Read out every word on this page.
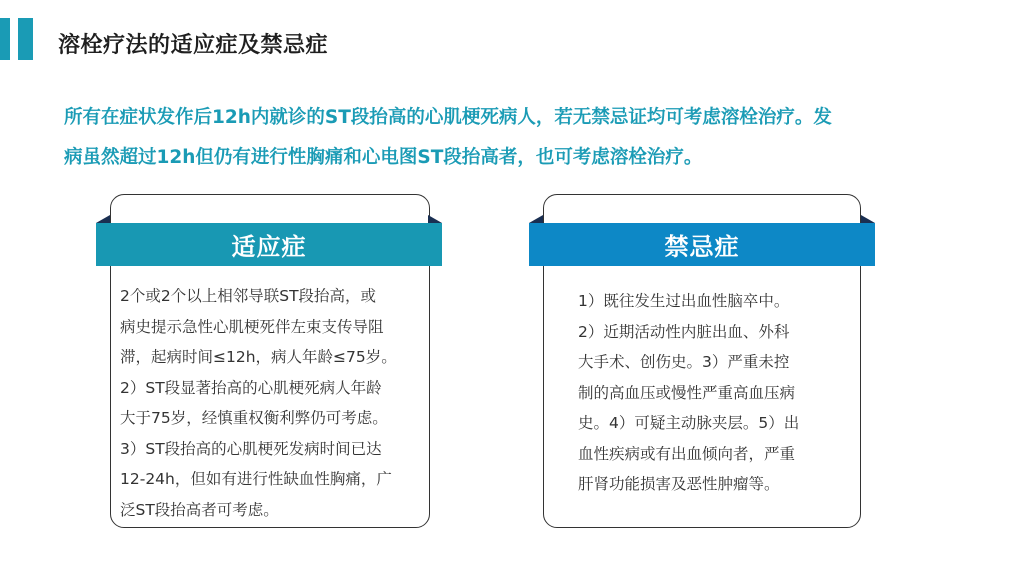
溶栓疗法的适应症及禁忌症
所有在症状发作后12h内就诊的ST段抬高的心肌梗死病人，若无禁忌证均可考虑溶栓治疗。发
病虽然超过12h但仍有进行性胸痛和心电图ST段抬高者，也可考虑溶栓治疗。
适应症
2个或2个以上相邻导联ST段抬高，或
病史提示急性心肌梗死伴左束支传导阻
滞，起病时间≤12h，病人年龄≤75岁。
2）ST段显著抬高的心肌梗死病人年龄
大于75岁，经慎重权衡利弊仍可考虑。
3）ST段抬高的心肌梗死发病时间已达
12-24h，但如有进行性缺血性胸痛，广
泛ST段抬高者可考虑。
禁忌症
1）既往发生过出血性脑卒中。
2）近期活动性内脏出血、外科
大手术、创伤史。3）严重未控
制的高血压或慢性严重高血压病
史。4）可疑主动脉夹层。5）出
血性疾病或有出血倾向者，严重
肝肾功能损害及恶性肿瘤等。
